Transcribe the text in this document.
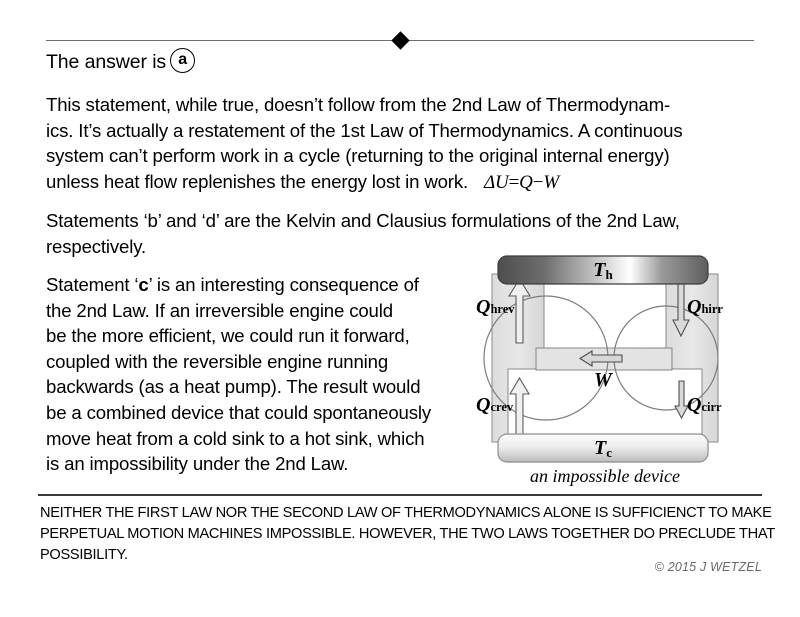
The answer is a
This statement, while true, doesn’t follow from the 2nd Law of Thermodynam-
ics. It’s actually a restatement of the 1st Law of Thermodynamics. A continuous
system can’t perform work in a cycle (returning to the original internal energy)
unless heat flow replenishes the energy lost in work. ΔU=Q−W
Statements ‘b’ and ‘d’ are the Kelvin and Clausius formulations of the 2nd Law,
respectively.
Statement ‘c’ is an interesting consequence of
the 2nd Law. If an irreversible engine could
be the more efficient, we could run it forward,
coupled with the reversible engine running
backwards (as a heat pump). The result would
be a combined device that could spontaneously
move heat from a cold sink to a hot sink, which
is an impossibility under the 2nd Law.
T h
T c
Qhrev	Qhirr
Qcrev	Qcirr
W
an impossible device
NEITHER THE FIRST LAW NOR THE SECOND LAW OF THERMODYNAMICS ALONE IS SUFFICIENCT TO MAKE
PERPETUAL MOTION MACHINES IMPOSSIBLE. HOWEVER, THE TWO LAWS TOGETHER DO PRECLUDE THAT
POSSIBILITY.
© 2015 J WETZEL
